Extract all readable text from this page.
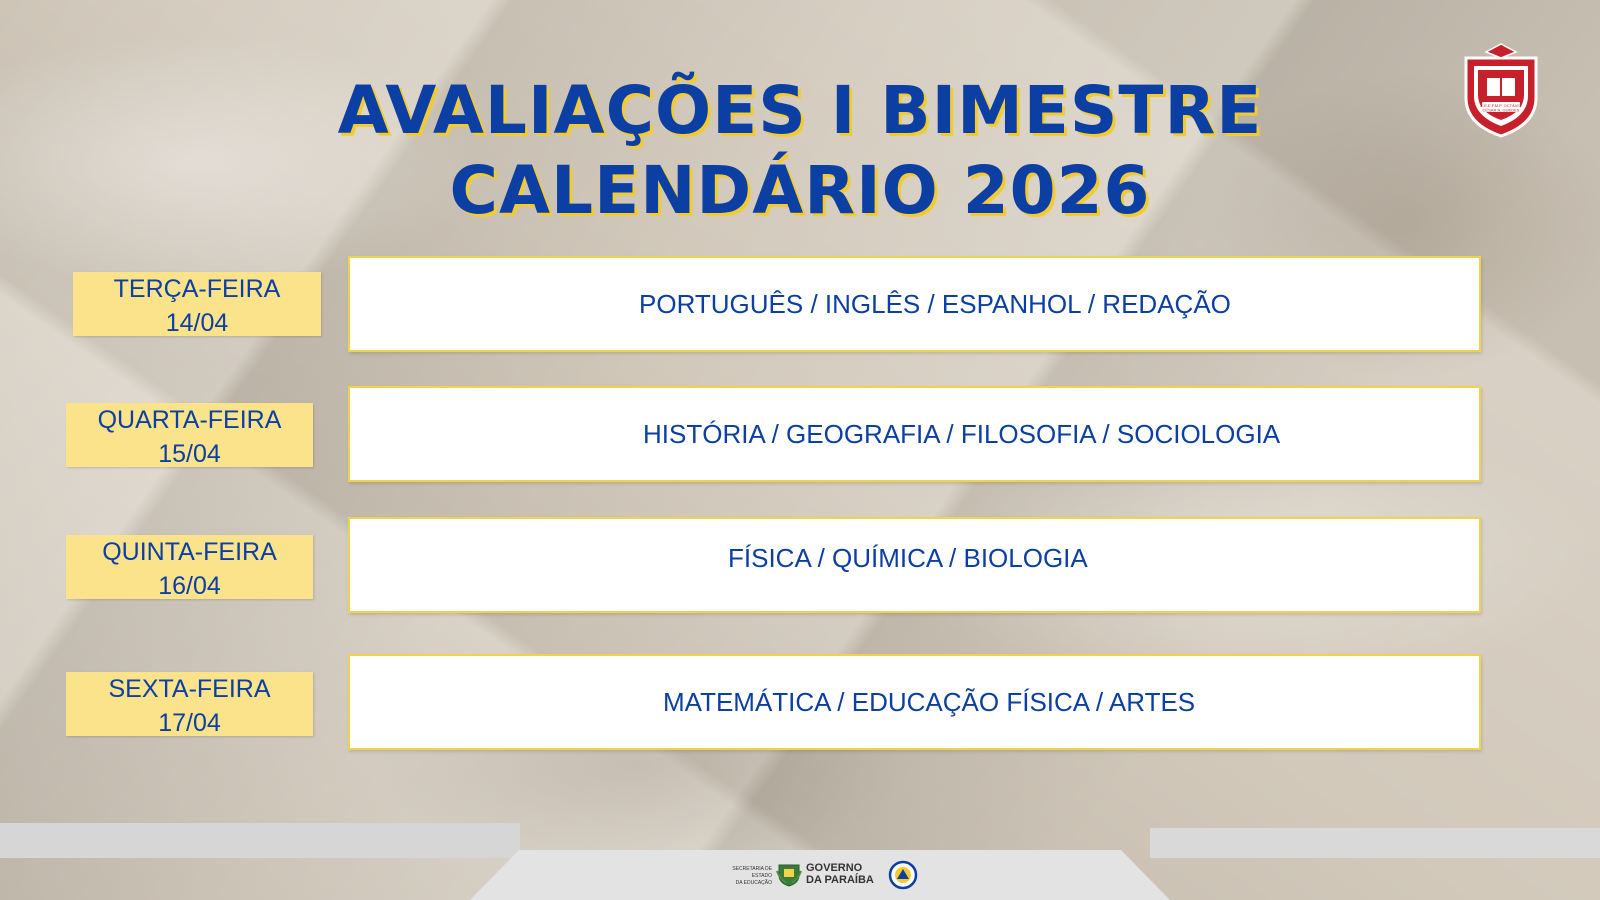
AVALIAÇÕES I BIMESTRE
CALENDÁRIO 2026
E.E.E.F.M.P. OCTÁVIO
CÉSAR R. GUEDES
TERÇA-FEIRA
14/04
PORTUGUÊS / INGLÊS / ESPANHOL / REDAÇÃO
QUARTA-FEIRA
15/04
HISTÓRIA / GEOGRAFIA / FILOSOFIA / SOCIOLOGIA
QUINTA-FEIRA
16/04
FÍSICA / QUÍMICA / BIOLOGIA
SEXTA-FEIRA
17/04
MATEMÁTICA / EDUCAÇÃO FÍSICA / ARTES
SECRETARIA DE ESTADO
DA EDUCAÇÃO
GOVERNO
DA PARAÍBA
